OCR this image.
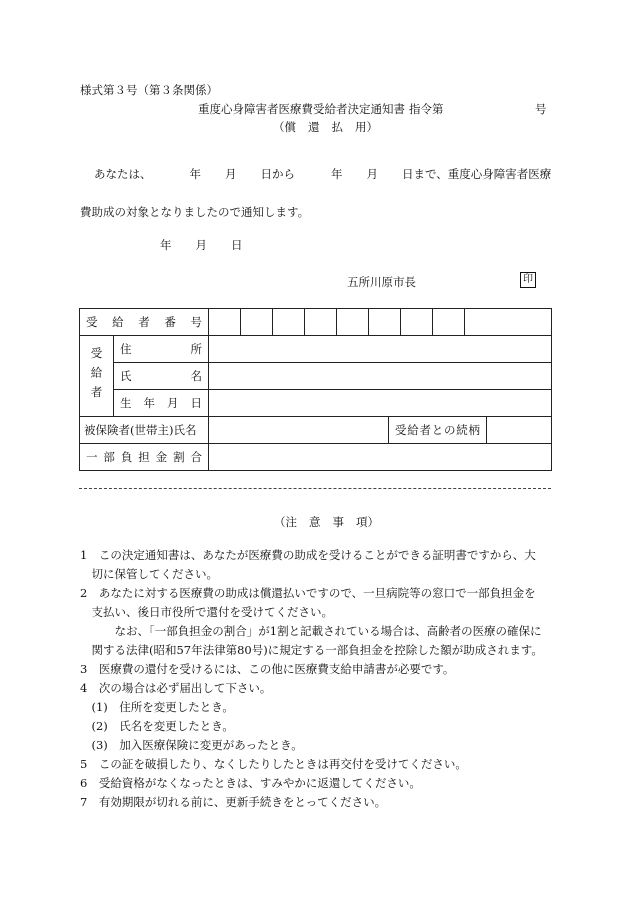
様式第３号（第３条関係）
重度心身障害者医療費受給者決定通知書 指令第	号
（償 還 払 用）
あなたは、	年 月 日から	年 月 日まで、重度心身障害者医療
費助成の対象となりましたので通知します。
年 月 日
五所川原市長	印
受給者番号				

受給者	住所			
	氏名			
	生年月日			
被保険者(世帯主)氏名			受給者との続柄	
一部負担金割合				
（注 意 事 項）
1　この決定通知書は、あなたが医療費の助成を受けることができる証明書ですから、大
　切に保管してください。
2　あなたに対する医療費の助成は償還払いですので、一旦病院等の窓口で一部負担金を
　支払い、後日市役所で還付を受けてください。
　　　なお、「一部負担金の割合」が1割と記載されている場合は、高齢者の医療の確保に
　関する法律(昭和57年法律第80号)に規定する一部負担金を控除した額が助成されます。
3　医療費の還付を受けるには、この他に医療費支給申請書が必要です。
4　次の場合は必ず届出して下さい。
　(1)　住所を変更したとき。
　(2)　氏名を変更したとき。
　(3)　加入医療保険に変更があったとき。
5　この証を破損したり、なくしたりしたときは再交付を受けてください。
6　受給資格がなくなったときは、すみやかに返還してください。
7　有効期限が切れる前に、更新手続きをとってください。
